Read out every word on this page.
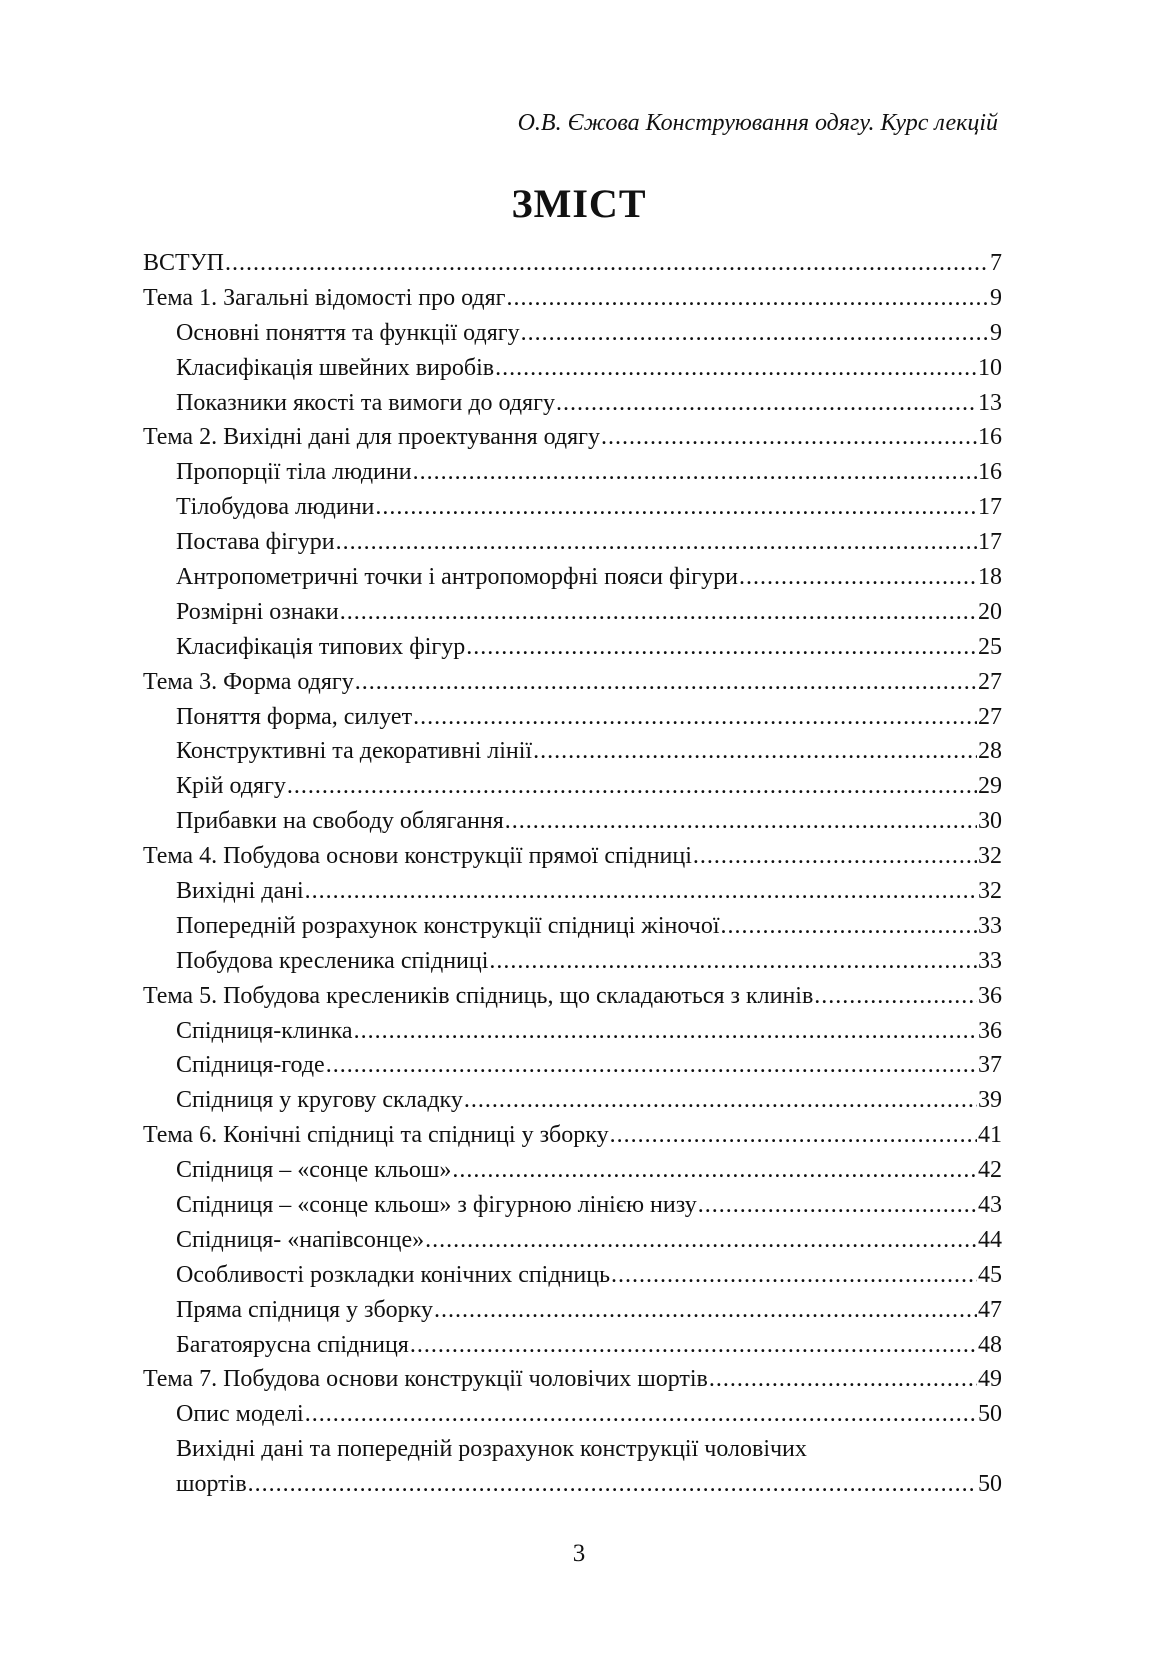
О.В. Єжова Конструювання одягу. Курс лекцій
ЗМІСТ
ВСТУП .....	7
Тема 1. Загальні відомості про одяг .....	9
Основні поняття та функції одягу .....	9
Класифікація швейних виробів .....	10
Показники якості та вимоги до одягу .....	13
Тема 2. Вихідні дані для проектування одягу .....	16
Пропорції тіла людини .....	16
Тілобудова людини .....	17
Постава фігури .....	17
Антропометричні точки і антропоморфні пояси фігури .....	18
Розмірні ознаки .....	20
Класифікація типових фігур .....	25
Тема 3. Форма одягу .....	27
Поняття форма, силует .....	27
Конструктивні та декоративні лінії .....	28
Крій одягу .....	29
Прибавки на свободу облягання .....	30
Тема 4. Побудова основи конструкції прямої спідниці .....	32
Вихідні дані .....	32
Попередній розрахунок конструкції спідниці жіночої .....	33
Побудова креслeника спідниці .....	33
Тема 5. Побудова креслеників спідниць, що складаються з клинів .....	36
Спідниця-клинка .....	36
Спідниця-годе .....	37
Спідниця у кругову складку .....	39
Тема 6. Конічні спідниці та спідниці у зборку .....	41
Спідниця – «сонце кльош» .....	42
Спідниця – «сонце кльош» з фігурною лінією низу .....	43
Спідниця- «напівсонце» .....	44
Особливості розкладки конічних спідниць .....	45
Пряма спідниця у зборку .....	47
Багатоярусна спідниця .....	48
Тема 7. Побудова основи конструкції чоловічих шортів .....	49
Опис моделі .....	50
Вихідні дані та попередній розрахунок конструкції чоловічих
шортів .....	50
3
